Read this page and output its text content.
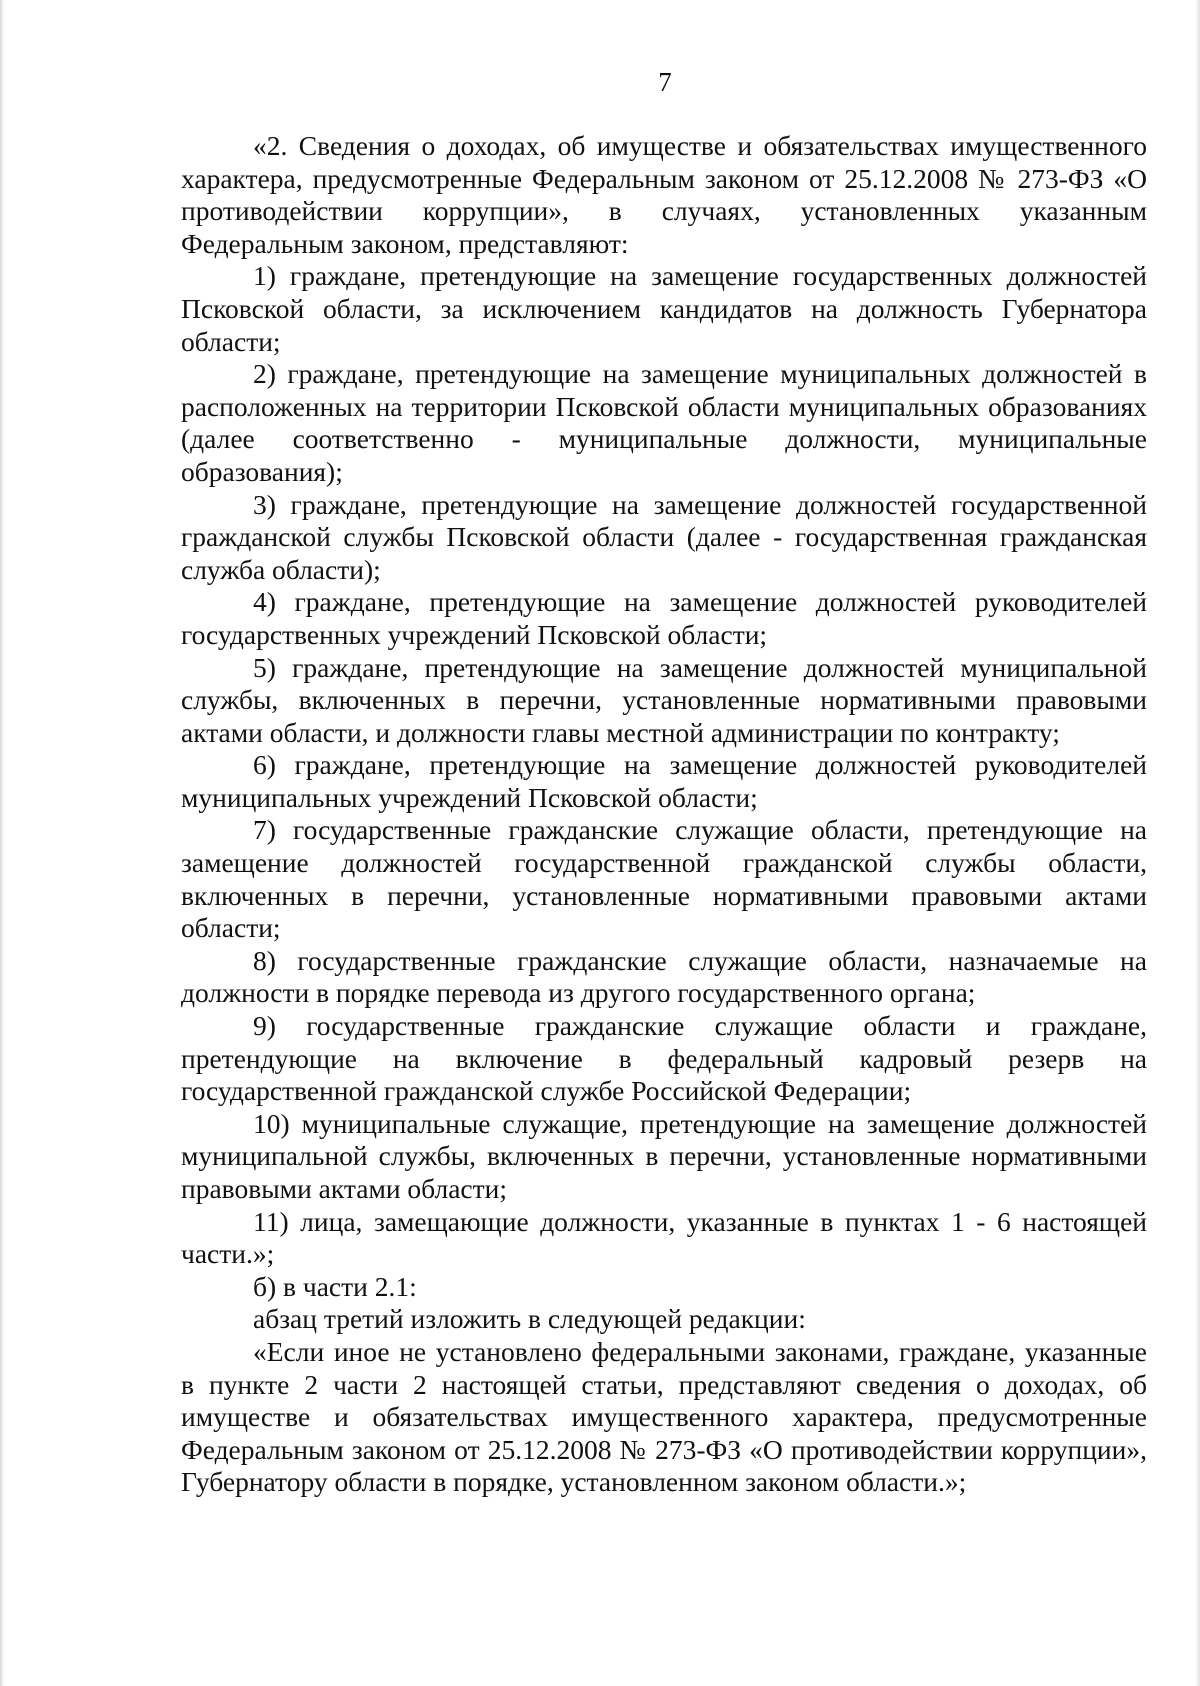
7

«2. Сведения о доходах, об имуществе и обязательствах имущественного характера, предусмотренные Федеральным законом от 25.12.2008 № 273-ФЗ «О противодействии коррупции», в случаях, установленных указанным Федеральным законом, представляют:

1) граждане, претендующие на замещение государственных должностей Псковской области, за исключением кандидатов на должность Губернатора области;

2) граждане, претендующие на замещение муниципальных должностей в расположенных на территории Псковской области муниципальных образованиях (далее соответственно - муниципальные должности, муниципальные образования);

3) граждане, претендующие на замещение должностей государственной гражданской службы Псковской области (далее - государственная гражданская служба области);

4) граждане, претендующие на замещение должностей руководителей государственных учреждений Псковской области;

5) граждане, претендующие на замещение должностей муниципальной службы, включенных в перечни, установленные нормативными правовыми актами области, и должности главы местной администрации по контракту;

6) граждане, претендующие на замещение должностей руководителей муниципальных учреждений Псковской области;

7) государственные гражданские служащие области, претендующие на замещение должностей государственной гражданской службы области, включенных в перечни, установленные нормативными правовыми актами области;

8) государственные гражданские служащие области, назначаемые на должности в порядке перевода из другого государственного органа;

9) государственные гражданские служащие области и граждане, претендующие на включение в федеральный кадровый резерв на государственной гражданской службе Российской Федерации;

10) муниципальные служащие, претендующие на замещение должностей муниципальной службы, включенных в перечни, установленные нормативными правовыми актами области;

11) лица, замещающие должности, указанные в пунктах 1 - 6 настоящей части.»;

б) в части 2.1:

абзац третий изложить в следующей редакции:

«Если иное не установлено федеральными законами, граждане, указанные в пункте 2 части 2 настоящей статьи, представляют сведения о доходах, об имуществе и обязательствах имущественного характера, предусмотренные Федеральным законом от 25.12.2008 № 273-ФЗ «О противодействии коррупции», Губернатору области в порядке, установленном законом области.»;
